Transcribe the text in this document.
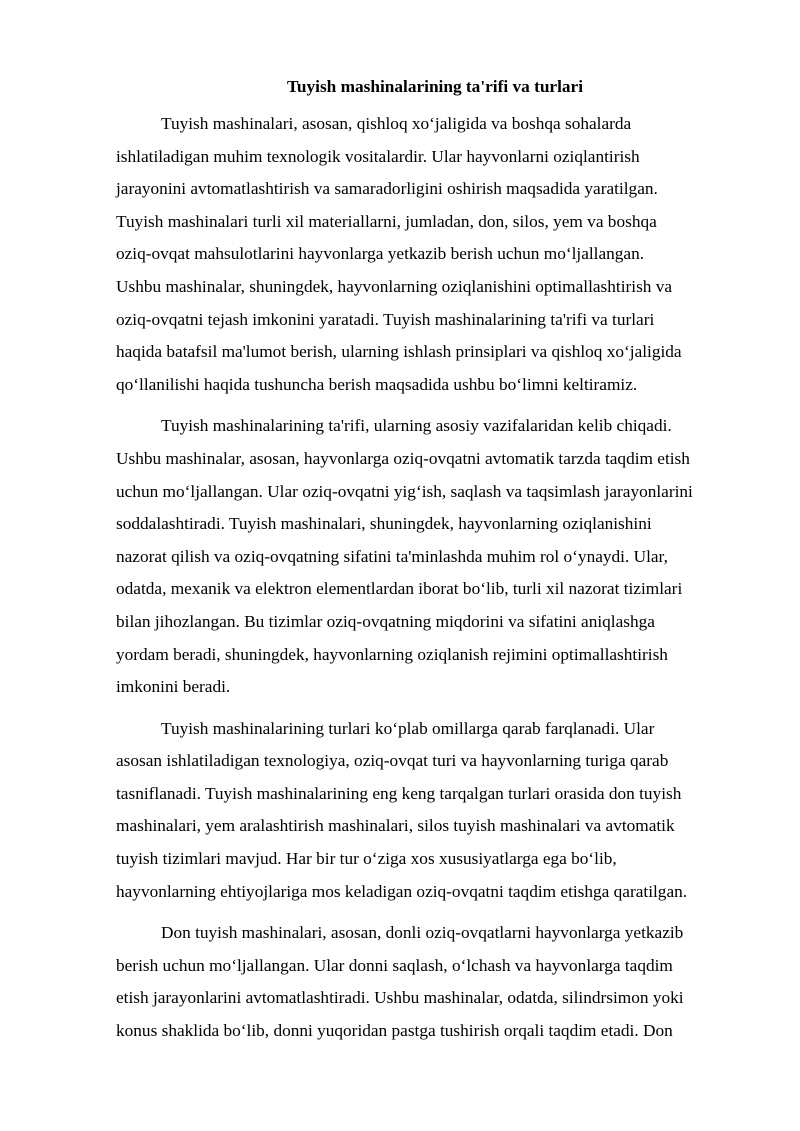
Tuyish mashinalarining ta'rifi va turlari
Tuyish mashinalari, asosan, qishloq xo‘jaligida va boshqa sohalarda
ishlatiladigan muhim texnologik vositalardir. Ular hayvonlarni oziqlantirish
jarayonini avtomatlashtirish va samaradorligini oshirish maqsadida yaratilgan.
Tuyish mashinalari turli xil materiallarni, jumladan, don, silos, yem va boshqa
oziq-ovqat mahsulotlarini hayvonlarga yetkazib berish uchun mo‘ljallangan.
Ushbu mashinalar, shuningdek, hayvonlarning oziqlanishini optimallashtirish va
oziq-ovqatni tejash imkonini yaratadi. Tuyish mashinalarining ta'rifi va turlari
haqida batafsil ma'lumot berish, ularning ishlash prinsiplari va qishloq xo‘jaligida
qo‘llanilishi haqida tushuncha berish maqsadida ushbu bo‘limni keltiramiz.
Tuyish mashinalarining ta'rifi, ularning asosiy vazifalaridan kelib chiqadi.
Ushbu mashinalar, asosan, hayvonlarga oziq-ovqatni avtomatik tarzda taqdim etish
uchun mo‘ljallangan. Ular oziq-ovqatni yig‘ish, saqlash va taqsimlash jarayonlarini
soddalashtiradi. Tuyish mashinalari, shuningdek, hayvonlarning oziqlanishini
nazorat qilish va oziq-ovqatning sifatini ta'minlashda muhim rol o‘ynaydi. Ular,
odatda, mexanik va elektron elementlardan iborat bo‘lib, turli xil nazorat tizimlari
bilan jihozlangan. Bu tizimlar oziq-ovqatning miqdorini va sifatini aniqlashga
yordam beradi, shuningdek, hayvonlarning oziqlanish rejimini optimallashtirish
imkonini beradi.
Tuyish mashinalarining turlari ko‘plab omillarga qarab farqlanadi. Ular
asosan ishlatiladigan texnologiya, oziq-ovqat turi va hayvonlarning turiga qarab
tasniflanadi. Tuyish mashinalarining eng keng tarqalgan turlari orasida don tuyish
mashinalari, yem aralashtirish mashinalari, silos tuyish mashinalari va avtomatik
tuyish tizimlari mavjud. Har bir tur o‘ziga xos xususiyatlarga ega bo‘lib,
hayvonlarning ehtiyojlariga mos keladigan oziq-ovqatni taqdim etishga qaratilgan.
Don tuyish mashinalari, asosan, donli oziq-ovqatlarni hayvonlarga yetkazib
berish uchun mo‘ljallangan. Ular donni saqlash, o‘lchash va hayvonlarga taqdim
etish jarayonlarini avtomatlashtiradi. Ushbu mashinalar, odatda, silindrsimon yoki
konus shaklida bo‘lib, donni yuqoridan pastga tushirish orqali taqdim etadi. Don
